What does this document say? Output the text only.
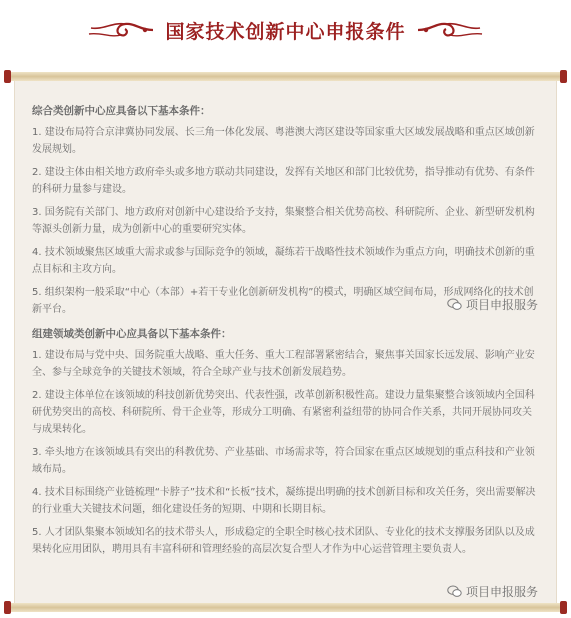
国家技术创新中心申报条件
综合类创新中心应具备以下基本条件：
1. 建设布局符合京津冀协同发展、长三角一体化发展、粤港澳大湾区建设等国家重大区域发展战略和重点区域创新发展规划。
2. 建设主体由相关地方政府牵头或多地方联动共同建设，发挥有关地区和部门比较优势，指导推动有优势、有条件的科研力量参与建设。
3. 国务院有关部门、地方政府对创新中心建设给予支持，集聚整合相关优势高校、科研院所、企业、新型研发机构等源头创新力量，成为创新中心的重要研究实体。
4. 技术领域聚焦区域重大需求或参与国际竞争的领域，凝练若干战略性技术领域作为重点方向，明确技术创新的重点目标和主攻方向。
5. 组织架构一般采取“中心（本部）+若干专业化创新研发机构”的模式，明确区域空间布局，形成网络化的技术创新平台。
组建领域类创新中心应具备以下基本条件：
1. 建设布局与党中央、国务院重大战略、重大任务、重大工程部署紧密结合，聚焦事关国家长远发展、影响产业安全、参与全球竞争的关键技术领域，符合全球产业与技术创新发展趋势。
2. 建设主体单位在该领域的科技创新优势突出、代表性强，改革创新积极性高。建设力量集聚整合该领域内全国科研优势突出的高校、科研院所、骨干企业等，形成分工明确、有紧密利益纽带的协同合作关系，共同开展协同攻关与成果转化。
3. 牵头地方在该领域具有突出的科教优势、产业基础、市场需求等，符合国家在重点区域规划的重点科技和产业领域布局。
4. 技术目标围绕产业链梳理“卡脖子”技术和“长板”技术，凝练提出明确的技术创新目标和攻关任务，突出需要解决的行业重大关键技术问题，细化建设任务的短期、中期和长期目标。
5. 人才团队集聚本领域知名的技术带头人，形成稳定的全职全时核心技术团队、专业化的技术支撑服务团队以及成果转化应用团队，聘用具有丰富科研和管理经验的高层次复合型人才作为中心运营管理主要负责人。
项目申报服务
项目申报服务
